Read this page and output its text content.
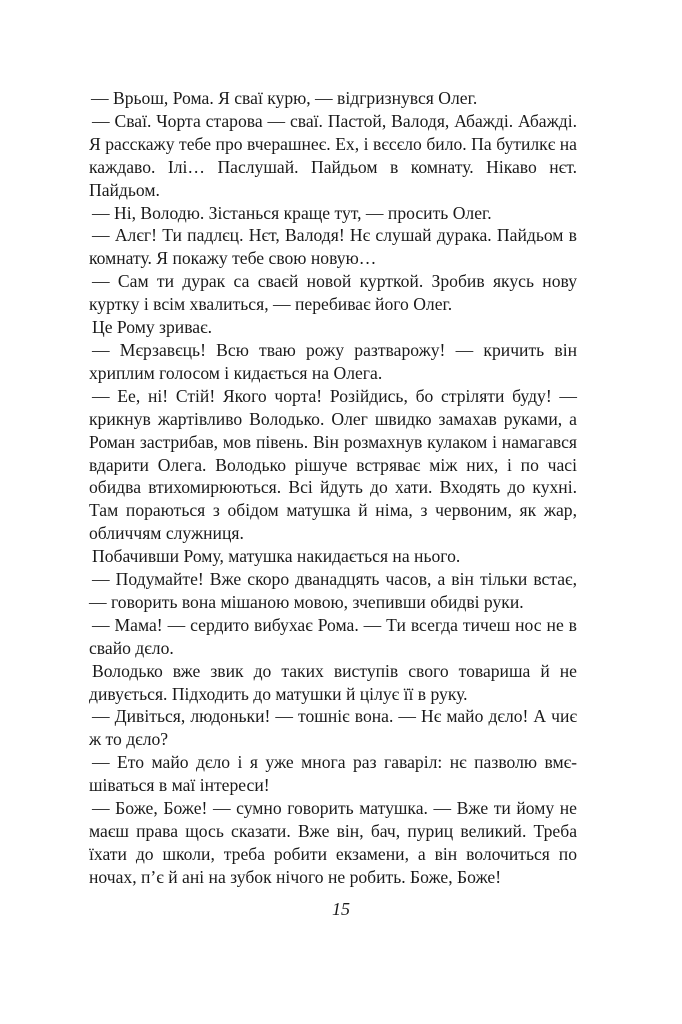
— Врьош, Рома. Я сваї курю, — відгризнувся Олег.

— Сваї. Чорта старова — сваї. Пастой, Валодя, Абажді. Абажді. Я расскажу тебе про вчерашнеє. Ех, і вєсєло било. Па бутилкє на каждаво. Ілі… Паслушай. Пайдьом в комнату. Нікаво нєт. Пайдьом.

— Ні, Володю. Зістанься краще тут, — просить Олег.

— Алєг! Ти падлєц. Нєт, Валодя! Нє слушай дурака. Пайдьом в комнату. Я покажу тебе свою новую…

— Сам ти дурак са сваєй новой курткой. Зробив якусь нову куртку і всім хвалиться, — перебиває його Олег.

Це Рому зриває.

— Мєрзавєць! Всю тваю рожу разтварожу! — кричить він хриплим голосом і кидається на Олега.

— Ее, ні! Стій! Якого чорта! Розійдись, бо стріляти буду! — крикнув жартівливо Володько. Олег швидко замахав руками, а Роман застрибав, мов півень. Він розмахнув кулаком і намагався вдарити Олега. Володько рішуче встряває між них, і по часі обидва втихомирюються. Всі йдуть до хати. Входять до кухні. Там пораються з обідом матушка й німа, з червоним, як жар, обличчям служниця.

Побачивши Рому, матушка накидається на нього.

— Подумайте! Вже скоро дванадцять часов, а він тільки встає, — говорить вона мішаною мовою, зчепивши обидві руки.

— Мама! — сердито вибухає Рома. — Ти всегда тичеш нос не в свайо дєло.

Володько вже звик до таких виступів свого товариша й не дивується. Підходить до матушки й цілує її в руку.

— Дивіться, людоньки! — тошніє вона. — Нє майо дєло! А чиє ж то дєло?

— Ето майо дєло і я уже многа раз гаваріл: нє пазволю вмєшіваться в маї інтереси!

— Боже, Боже! — сумно говорить матушка. — Вже ти йому не маєш права щось сказати. Вже він, бач, пуриц великий. Треба їхати до школи, треба робити екзамени, а він волочиться по ночах, п’є й ані на зубок нічого не робить. Боже, Боже!

15
